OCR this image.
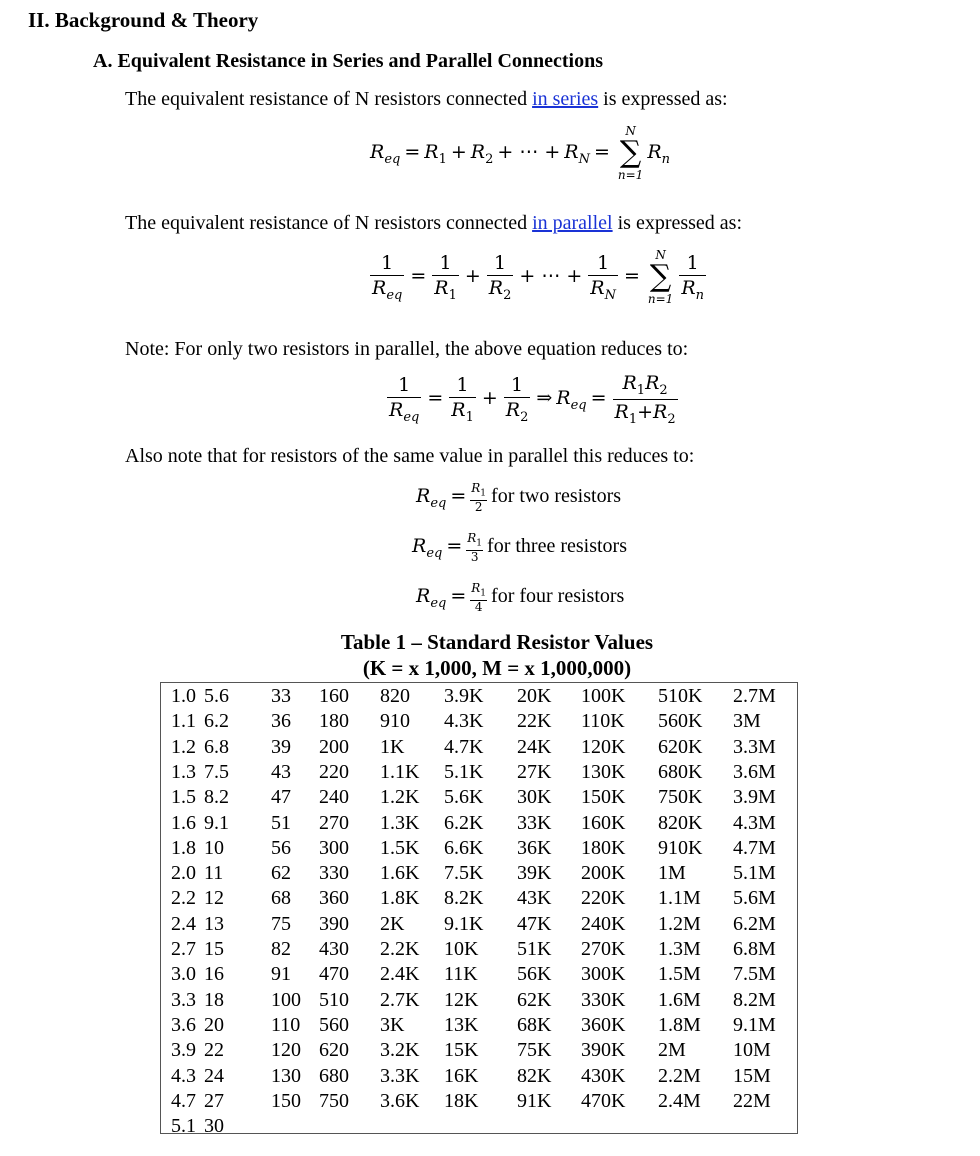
II. Background & Theory
A. Equivalent Resistance in Series and Parallel Connections
The equivalent resistance of N resistors connected in series is expressed as:
$R_{eq} = R_1 + R_2$ + ⋯ + $R_N$ =
N
∑
n=1
$R_n$
The equivalent resistance of N resistors connected in parallel is expressed as:
$\frac{1}{R_{eq}} = \frac{1}{R_1} + \frac{1}{R_2}$ + ⋯ + $\frac{1}{R_N}$ =
N
∑
$n=1 \frac{1}{R_n}$
Note: For only two resistors in parallel, the above equation reduces to:
$\frac{1}{R_{eq}} = \frac{1}{R_1} + \frac{1}{R_2}$ ⇒ $R_{eq} = \frac{R_1R_2}{R_1+R_2}$
Also note that for resistors of the same value in parallel this reduces to:
$R_{eq} = \frac{R_1}{2}$ for two resistors
$R_{eq} = \frac{R_1}{3}$ for three resistors
$R_{eq} = \frac{R_1}{4}$ for four resistors
Table 1 – Standard Resistor Values
(K = x 1,000, M = x 1,000,000)
1.0 5.6 33 160 820 3.9K 20K 100K 510K 2.7M
1.1 6.2 36 180 910 4.3K 22K 110K 560K 3M
1.2 6.8 39 200 1K 4.7K 24K 120K 620K 3.3M
1.3 7.5 43 220 1.1K 5.1K 27K 130K 680K 3.6M
1.5 8.2 47 240 1.2K 5.6K 30K 150K 750K 3.9M
1.6 9.1 51 270 1.3K 6.2K 33K 160K 820K 4.3M
1.8 10 56 300 1.5K 6.6K 36K 180K 910K 4.7M
2.0 11 62 330 1.6K 7.5K 39K 200K 1M 5.1M
2.2 12 68 360 1.8K 8.2K 43K 220K 1.1M 5.6M
2.4 13 75 390 2K 9.1K 47K 240K 1.2M 6.2M
2.7 15 82 430 2.2K 10K 51K 270K 1.3M 6.8M
3.0 16 91 470 2.4K 11K 56K 300K 1.5M 7.5M
3.3 18 100 510 2.7K 12K 62K 330K 1.6M 8.2M
3.6 20 110 560 3K 13K 68K 360K 1.8M 9.1M
3.9 22 120 620 3.2K 15K 75K 390K 2M 10M
4.3 24 130 680 3.3K 16K 82K 430K 2.2M 15M
4.7 27 150 750 3.6K 18K 91K 470K 2.4M 22M
5.1 30
